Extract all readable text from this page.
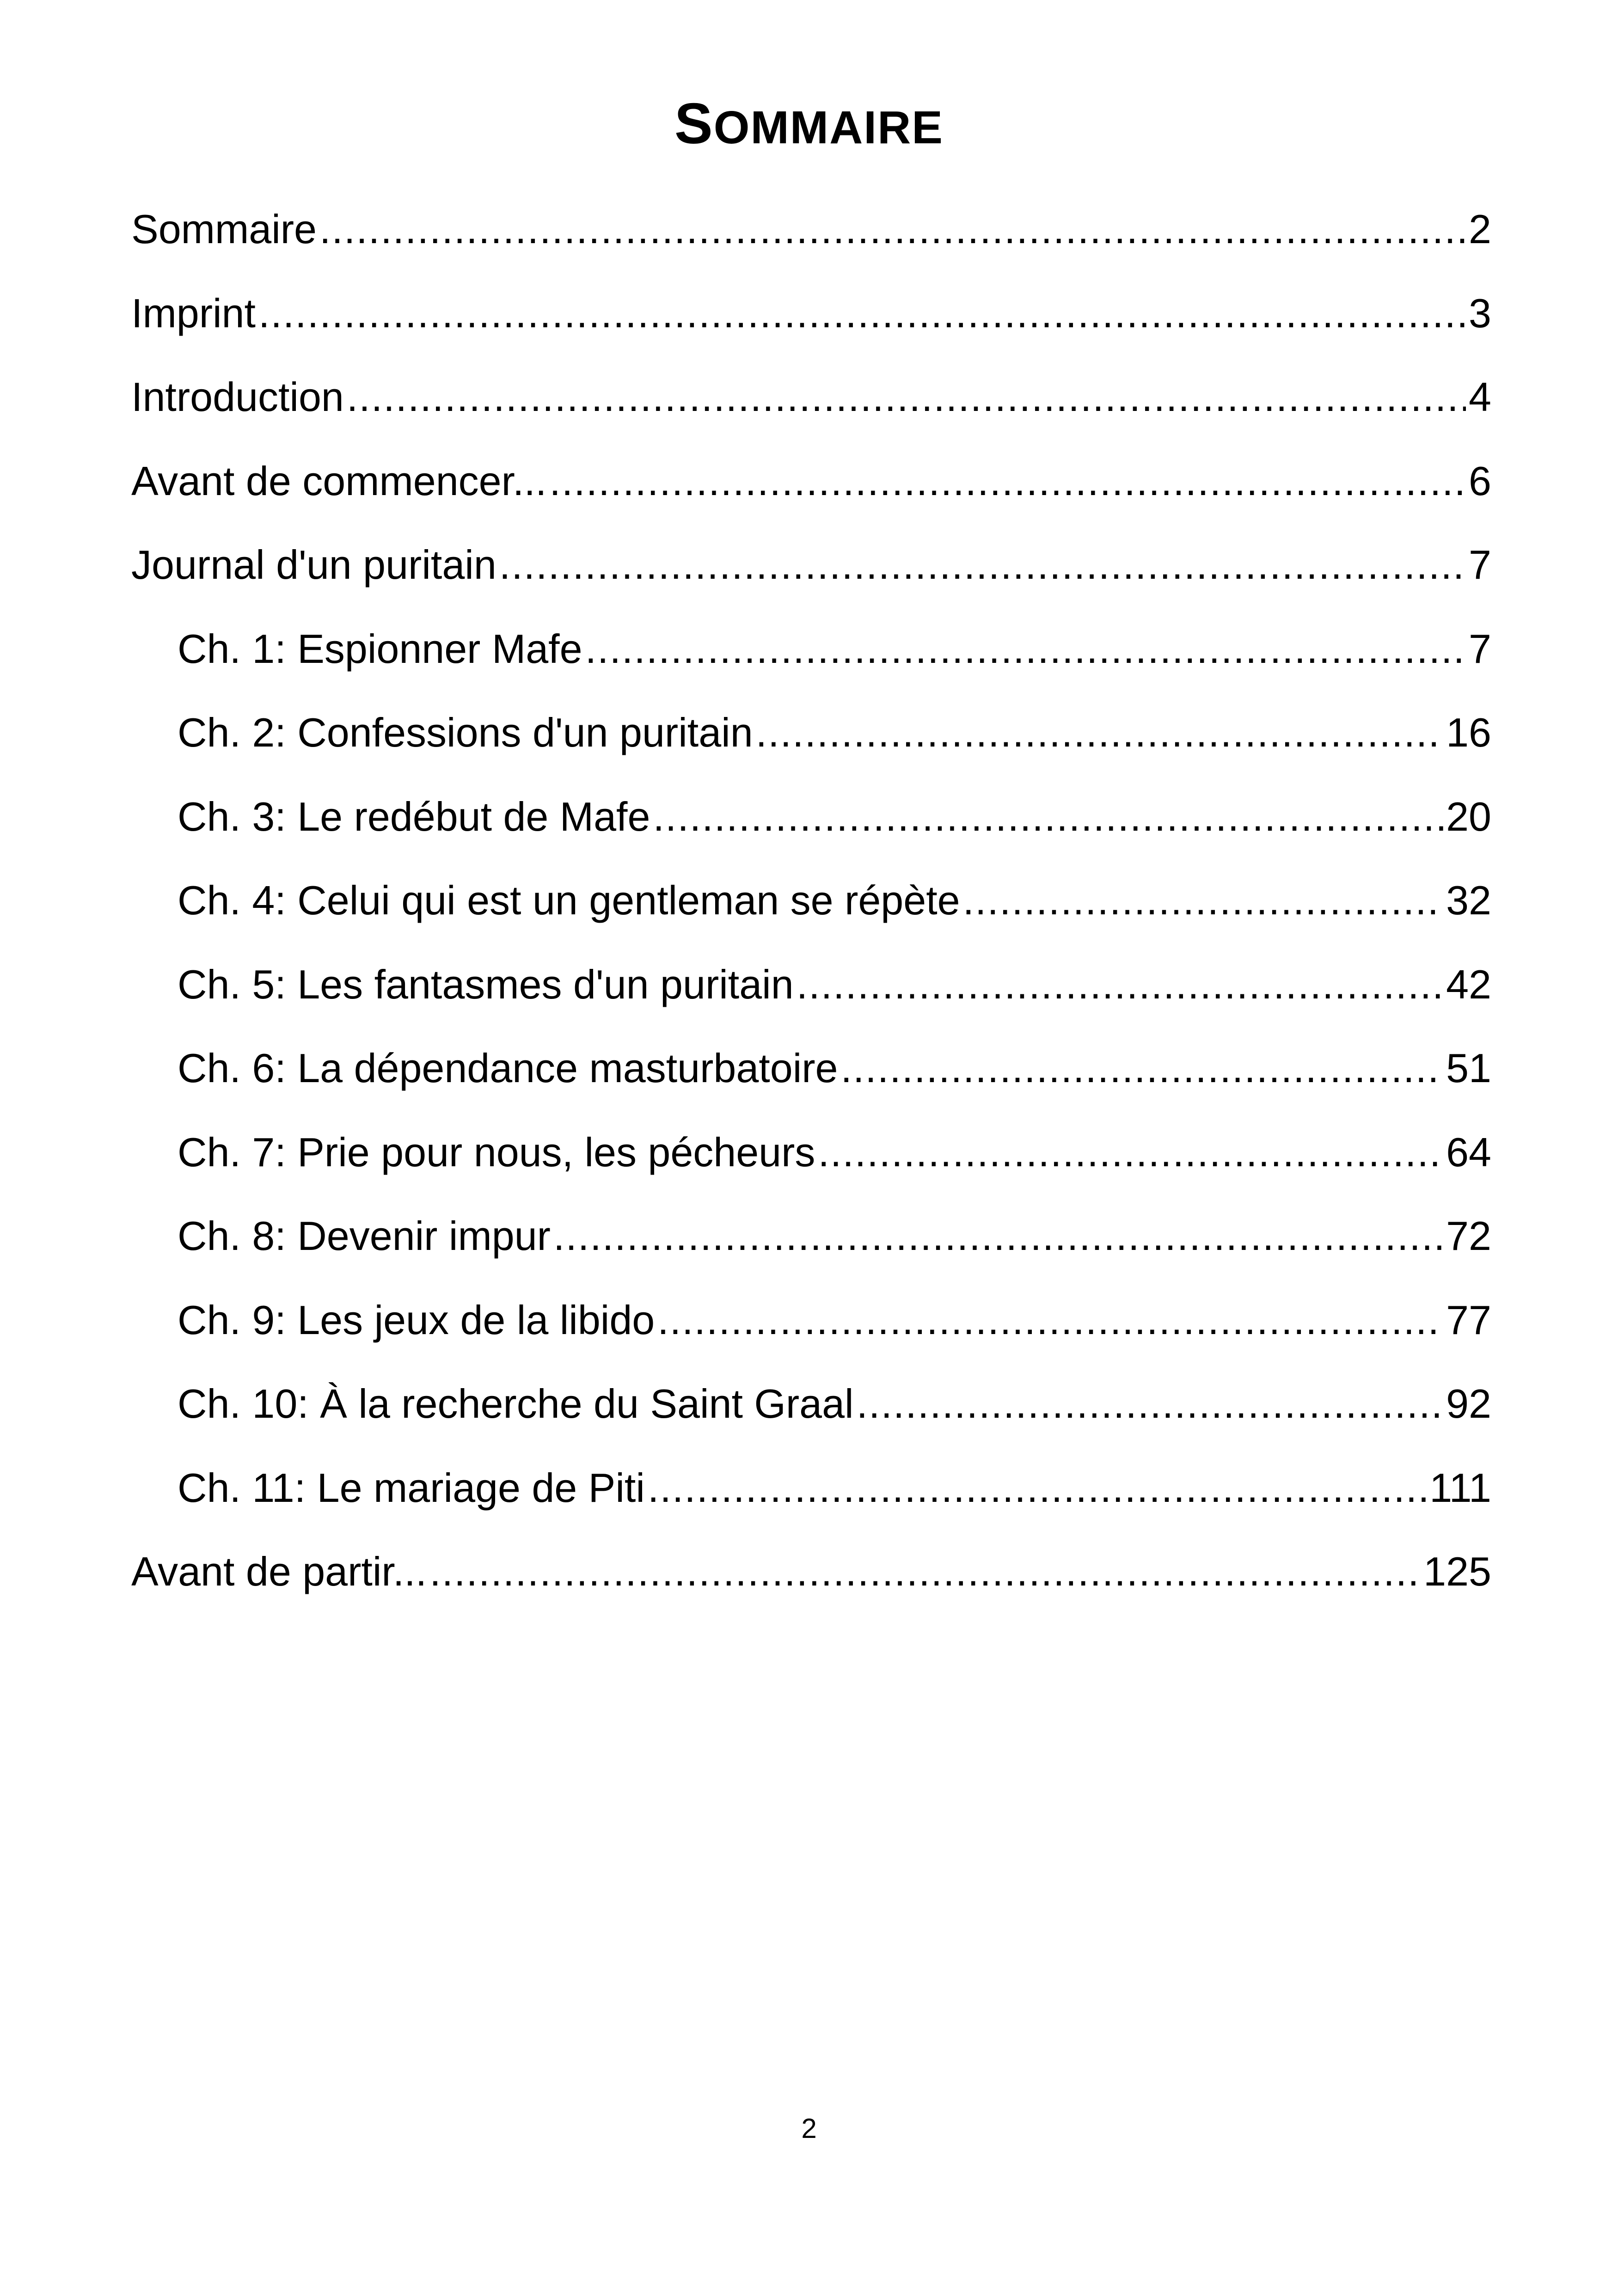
SOMMAIRE
Sommaire .....	2
Imprint .....	3
Introduction .....	4
Avant de commencer... .....	6
Journal d'un puritain .....	7
Ch. 1: Espionner Mafe .....	7
Ch. 2: Confessions d'un puritain .....	16
Ch. 3: Le redébut de Mafe .....	20
Ch. 4: Celui qui est un gentleman se répète .....	32
Ch. 5: Les fantasmes d'un puritain .....	42
Ch. 6: La dépendance masturbatoire .....	51
Ch. 7: Prie pour nous, les pécheurs .....	64
Ch. 8: Devenir impur .....	72
Ch. 9: Les jeux de la libido .....	77
Ch. 10: À la recherche du Saint Graal .....	92
Ch. 11: Le mariage de Piti .....	111
Avant de partir... .....	125
2
